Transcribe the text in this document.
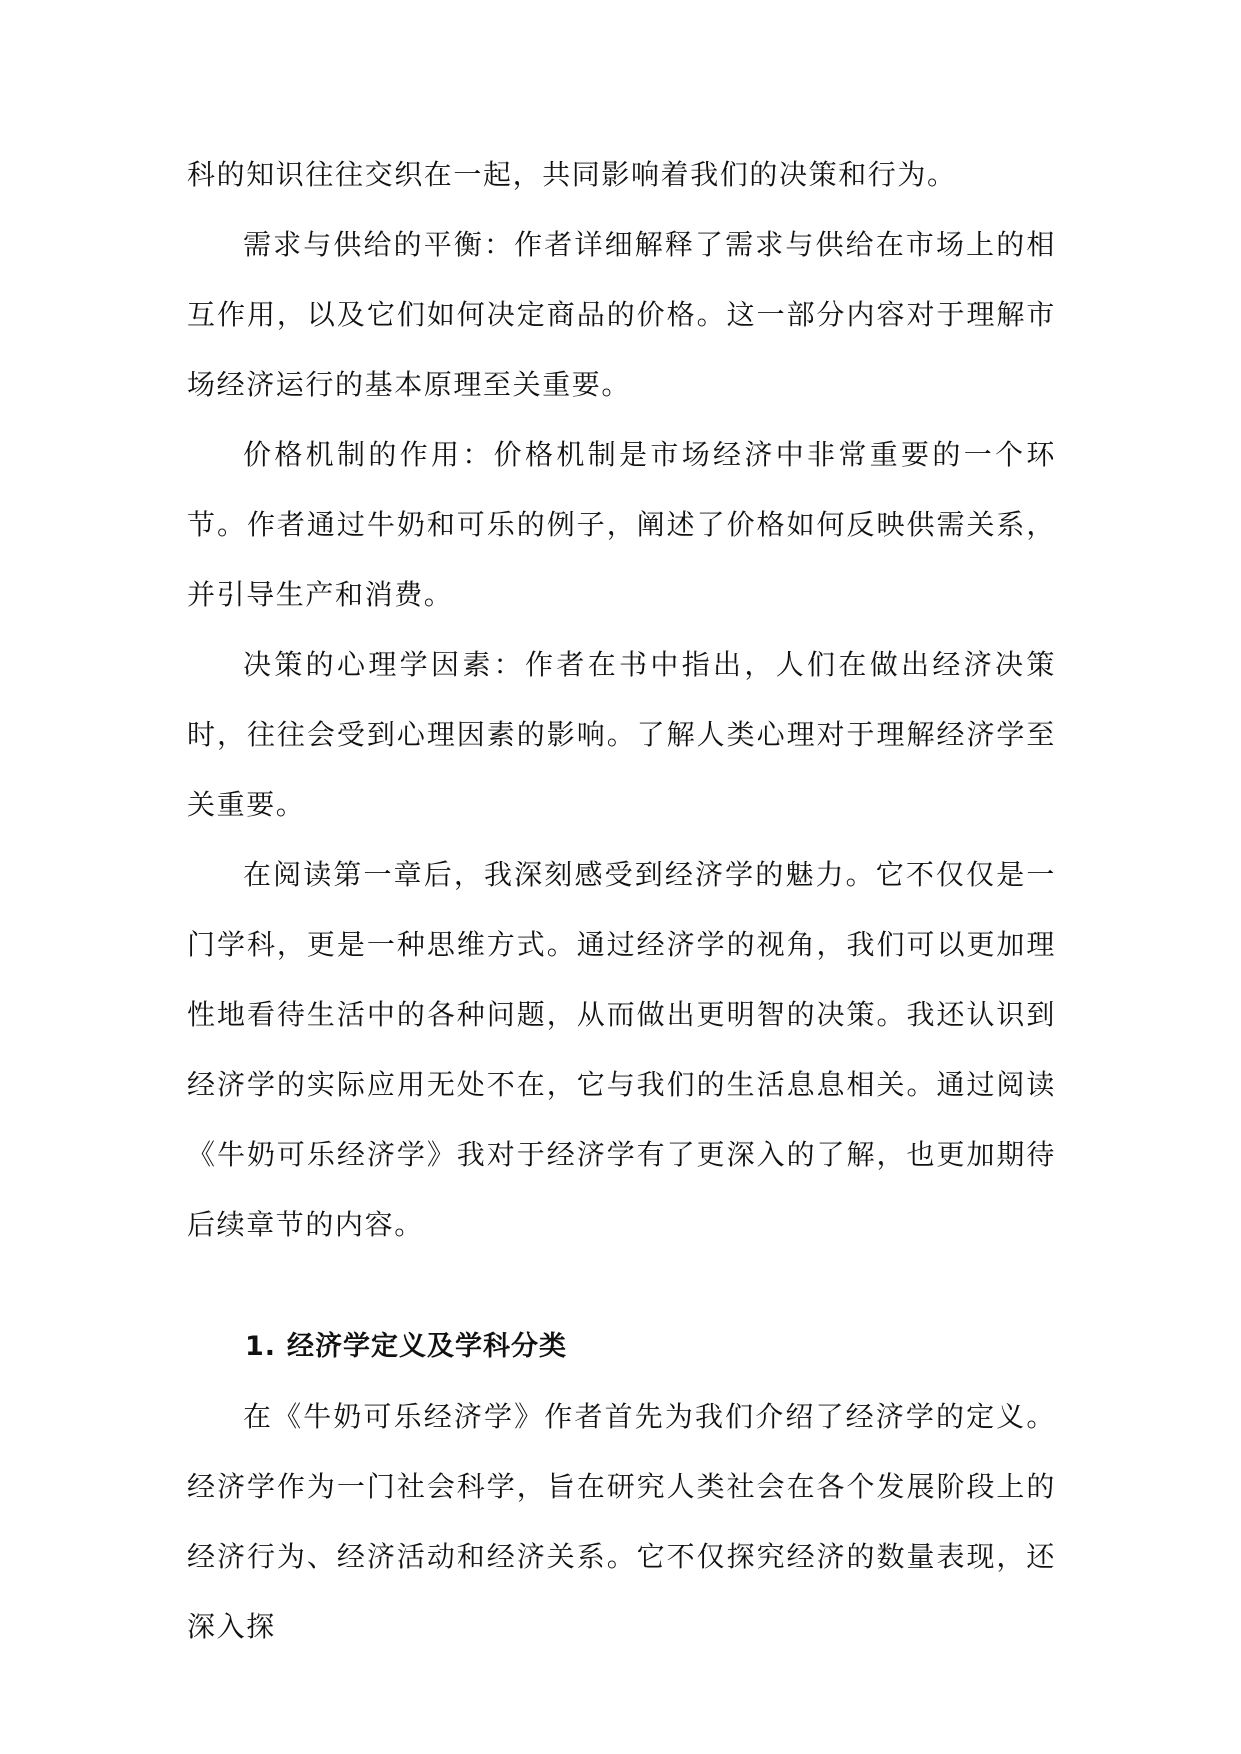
科的知识往往交织在一起，共同影响着我们的决策和行为。

需求与供给的平衡：作者详细解释了需求与供给在市场上的相互作用，以及它们如何决定商品的价格。这一部分内容对于理解市场经济运行的基本原理至关重要。

价格机制的作用：价格机制是市场经济中非常重要的一个环节。作者通过牛奶和可乐的例子，阐述了价格如何反映供需关系，并引导生产和消费。

决策的心理学因素：作者在书中指出，人们在做出经济决策时，往往会受到心理因素的影响。了解人类心理对于理解经济学至关重要。

在阅读第一章后，我深刻感受到经济学的魅力。它不仅仅是一门学科，更是一种思维方式。通过经济学的视角，我们可以更加理性地看待生活中的各种问题，从而做出更明智的决策。我还认识到经济学的实际应用无处不在，它与我们的生活息息相关。通过阅读《牛奶可乐经济学》我对于经济学有了更深入的了解，也更加期待后续章节的内容。

1. 经济学定义及学科分类

在《牛奶可乐经济学》作者首先为我们介绍了经济学的定义。经济学作为一门社会科学，旨在研究人类社会在各个发展阶段上的经济行为、经济活动和经济关系。它不仅探究经济的数量表现，还深入探
